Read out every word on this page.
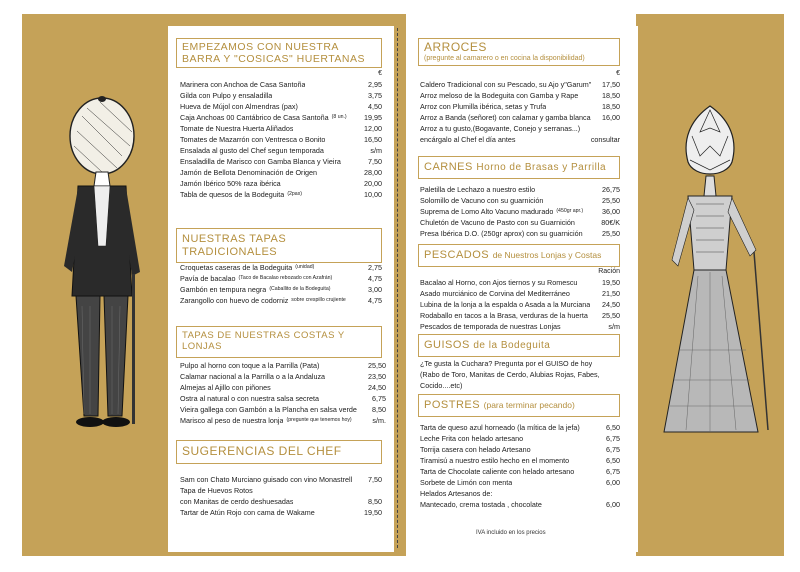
EMPEZAMOS CON NUESTRA BARRA Y "COSICAS" HUERTANAS
€
Marinera con Anchoa de Casa Santoña	2,95
Gilda con Pulpo y ensaladilla	3,75
Hueva de Mújol con Almendras (pax)	4,50
Caja Anchoas 00 Cantábrico de Casa Santoña (8 un.)	19,95
Tomate de Nuestra Huerta Aliñados	12,00
Tomates de Mazarrón con Ventresca o Bonito	16,50
Ensalada al gusto del Chef segun temporada	s/m
Ensaladilla de Marisco con Gamba Blanca y Vieira	7,50
Jamón de Bellota Denominación de Origen	28,00
Jamón Ibérico 50% raza ibérica	20,00
Tabla de quesos de la Bodeguita (2pax)	10,00
NUESTRAS TAPAS TRADICIONALES
Croquetas caseras de la Bodeguita (unidad)	2,75
Pavía de bacalao (Taco de Bacalao rebozado con Azafrán)	4,75
Gambón en tempura negra (Caballito de la Bodeguita)	3,00
Zarangollo con huevo de codorniz sobre crespillo crujiente	4,75
TAPAS DE NUESTRAS COSTAS Y LONJAS
Pulpo al horno con toque a la Parrilla (Pata)	25,50
Calamar nacional a la Parrilla o a la Andaluza	23,50
Almejas al Ajillo con piñones	24,50
Ostra al natural o con nuestra salsa secreta	6,75
Vieira gallega con Gambón a la Plancha en salsa verde	8,50
Marisco al peso de nuestra lonja (pregunte que tenemos hoy)	s/m.
SUGERENCIAS DEL CHEF
Sam con Chato Murciano guisado con vino Monastrell	7,50
Tapa de Huevos Rotos
con Manitas de cerdo deshuesadas	8,50
Tartar de Atún Rojo con cama de Wakame	19,50
ARROCES
(pregunte al camarero o en cocina la disponibilidad)
€
Caldero Tradicional con su Pescado, su Ajo y"Garum"	17,50
Arroz meloso de la Bodeguita con Gamba y Rape	18,50
Arroz con Plumilla ibérica, setas y Trufa	18,50
Arroz a Banda (señoret) con calamar y gamba blanca	16,00
Arroz a tu gusto,(Bogavante, Conejo y serranas...)
encárgalo al Chef el día antes	consultar
CARNES Horno de Brasas y Parrilla
Paletilla de Lechazo a nuestro estilo	26,75
Solomillo de Vacuno con su guarnición	25,50
Suprema de Lomo Alto Vacuno madurado (450gr apr.)	36,00
Chuletón de Vacuno de Pasto con su Guarnición	80€/K
Presa Ibérica D.O. (250gr aprox) con su guarnición	25,50
PESCADOS de Nuestros Lonjas y Costas
Ración
Bacalao al Horno, con Ajos tiernos y su Romescu	19,50
Asado murciánico de Corvina del Mediterráneo	21,50
Lubina de la lonja a la espalda o Asada a la Murciana	24,50
Rodaballo en tacos a la Brasa, verduras de la huerta	25,50
Pescados de temporada de nuestras Lonjas	s/m
GUISOS de la Bodeguita
¿Te gusta la Cuchara? Pregunta por el GUISO de hoy
(Rabo de Toro, Manitas de Cerdo, Alubias Rojas, Fabes,
Cocido....etc)
POSTRES (para terminar pecando)
Tarta de queso azul horneado (la mítica de la jefa)	6,50
Leche Frita con helado artesano	6,75
Torrija casera con helado Artesano	6,75
Tiramisú a nuestro estilo hecho en el momento	6,50
Tarta de Chocolate caliente con helado artesano	6,75
Sorbete de Limón con menta	6,00
Helados Artesanos de:
Mantecado, crema tostada , chocolate	6,00
IVA incluido en los precios
